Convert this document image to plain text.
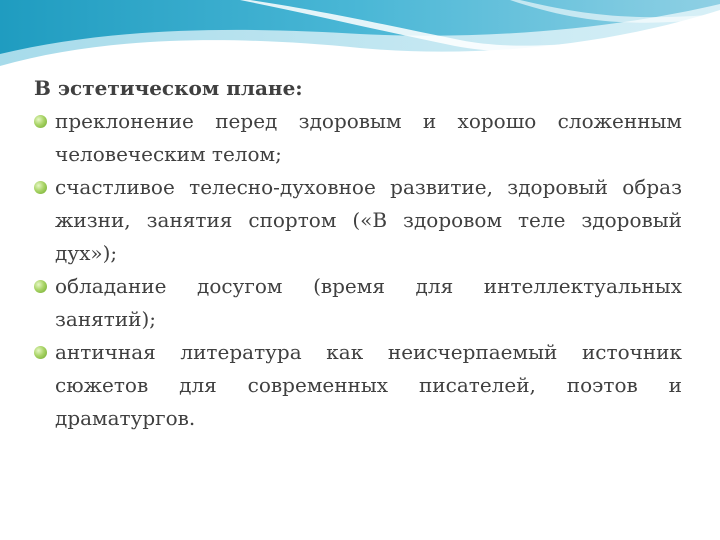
В эстетическом плане:

преклонение перед здоровым и хорошо сложенным человеческим телом;
счастливое телесно-духовное развитие, здоровый образ жизни, занятия спортом («В здоровом теле здоровый дух»);
обладание досугом (время для интеллектуальных занятий);
античная литература как неисчерпаемый источник сюжетов для современных писателей, поэтов и драматургов.
